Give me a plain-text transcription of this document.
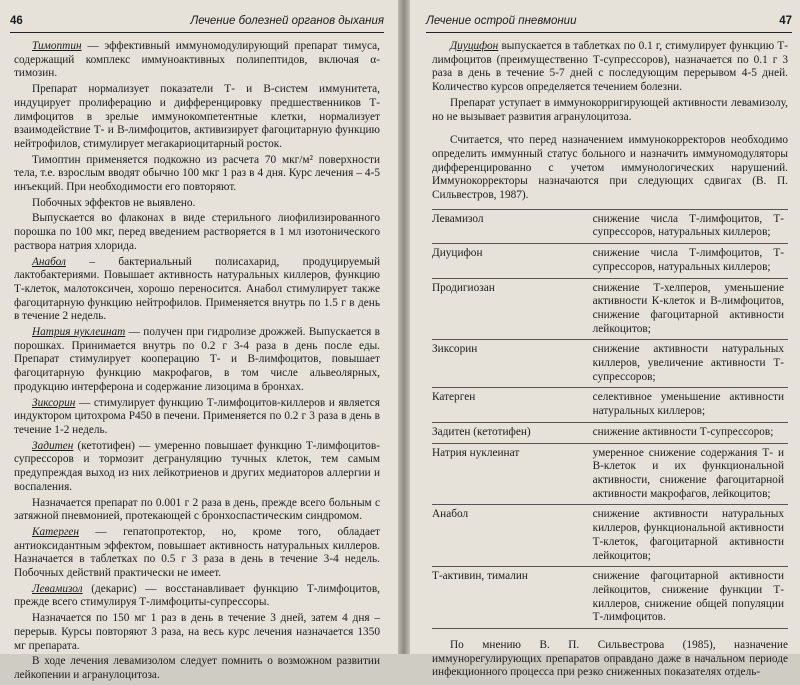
46	Лечение болезней органов дыхания

Тимоптин — эффективный иммуномодулирующий препарат тимуса, содержащий комплекс иммуноактивных полипептидов, включая α-тимозин.

Препарат нормализует показатели Т- и В-систем иммунитета, индуцирует пролиферацию и дифференцировку предшественников Т-лимфоцитов в зрелые иммунокомпетентные клетки, нормализует взаимодействие Т- и В-лимфоцитов, активизирует фагоцитарную функцию нейтрофилов, стимулирует мегакариоцитарный росток.

Тимоптин применяется подкожно из расчета 70 мкг/м² поверхности тела, т.е. взрослым вводят обычно 100 мкг 1 раз в 4 дня. Курс лечения – 4-5 инъекций. При необходимости его повторяют.

Побочных эффектов не выявлено.

Выпускается во флаконах в виде стерильного лиофилизированного порошка по 100 мкг, перед введением растворяется в 1 мл изотонического раствора натрия хлорида.

Анабол – бактериальный полисахарид, продуцируемый лактобактериями. Повышает активность натуральных киллеров, функцию Т-клеток, малотоксичен, хорошо переносится. Анабол стимулирует также фагоцитарную функцию нейтрофилов. Применяется внутрь по 1.5 г в день в течение 2 недель.

Натрия нуклеинат — получен при гидролизе дрожжей. Выпускается в порошках. Принимается внутрь по 0.2 г 3-4 раза в день после еды. Препарат стимулирует кооперацию Т- и В-лимфоцитов, повышает фагоцитарную функцию макрофагов, в том числе альвеолярных, продукцию интерферона и содержание лизоцима в бронхах.

Зиксорин — стимулирует функцию Т-лимфоцитов-киллеров и является индуктором цитохрома P450 в печени. Применяется по 0.2 г 3 раза в день в течение 1-2 недель.

Задитен (кетотифен) — умеренно повышает функцию Т-лимфоцитов-супрессоров и тормозит дегрануляцию тучных клеток, тем самым предупреждая выход из них лейкотриенов и других медиаторов аллергии и воспаления.

Назначается препарат по 0.001 г 2 раза в день, прежде всего больным с затяжной пневмонией, протекающей с бронхоспастическим синдромом.

Катерген — гепатопротектор, но, кроме того, обладает антиоксидантным эффектом, повышает активность натуральных киллеров. Назначается в таблетках по 0.5 г 3 раза в день в течение 3-4 недель. Побочных действий практически не имеет.

Левамизол (декарис) — восстанавливает функцию Т-лимфоцитов, прежде всего стимулируя Т-лимфоциты-супрессоры.

Назначается по 150 мг 1 раз в день в течение 3 дней, затем 4 дня – перерыв. Курсы повторяют 3 раза, на весь курс лечения назначается 1350 мг препарата.

В ходе лечения левамизолом следует помнить о возможном развитии лейкопении и агранулоцитоза.

Лечение острой пневмонии	47

Диуцифон выпускается в таблетках по 0.1 г, стимулирует функцию Т-лимфоцитов (преимущественно Т-супрессоров), назначается по 0.1 г 3 раза в день в течение 5-7 дней с последующим перерывом 4-5 дней. Количество курсов определяется течением болезни.

Препарат уступает в иммунокорригирующей активности левамизолу, но не вызывает развития агранулоцитоза.

Считается, что перед назначением иммунокорректоров необходимо определить иммунный статус больного и назначить иммуномодуляторы дифференцированно с учетом иммунологических нарушений. Иммунокорректоры назначаются при следующих сдвигах (В. П. Сильвестров, 1987).

Левамизол	снижение числа Т-лимфоцитов, Т-супрессоров, натуральных киллеров;
Диуцифон	снижение числа Т-лимфоцитов, Т-супрессоров, натуральных киллеров;
Продигиозан	снижение Т-хелперов, уменьшение активности К-клеток и В-лимфоцитов, снижение фагоцитарной активности лейкоцитов;
Зиксорин	снижение активности натуральных киллеров, увеличение активности Т-супрессоров;
Катерген	селективное уменьшение активности натуральных киллеров;
Задитен (кетотифен)	снижение активности Т-супрессоров;
Натрия нуклеинат	умеренное снижение содержания Т- и В-клеток и их функциональной активности, снижение фагоцитарной активности макрофагов, лейкоцитов;
Анабол	снижение активности натуральных киллеров, функциональной активности Т-клеток, фагоцитарной активности лейкоцитов;
Т-активин, тималин	снижение фагоцитарной активности лейкоцитов, снижение функции Т-киллеров, снижение общей популяции Т-лимфоцитов.

По мнению В. П. Сильвестрова (1985), назначение иммунорегулирующих препаратов оправдано даже в начальном периоде инфекционного процесса при резко сниженных показателях отдель-
